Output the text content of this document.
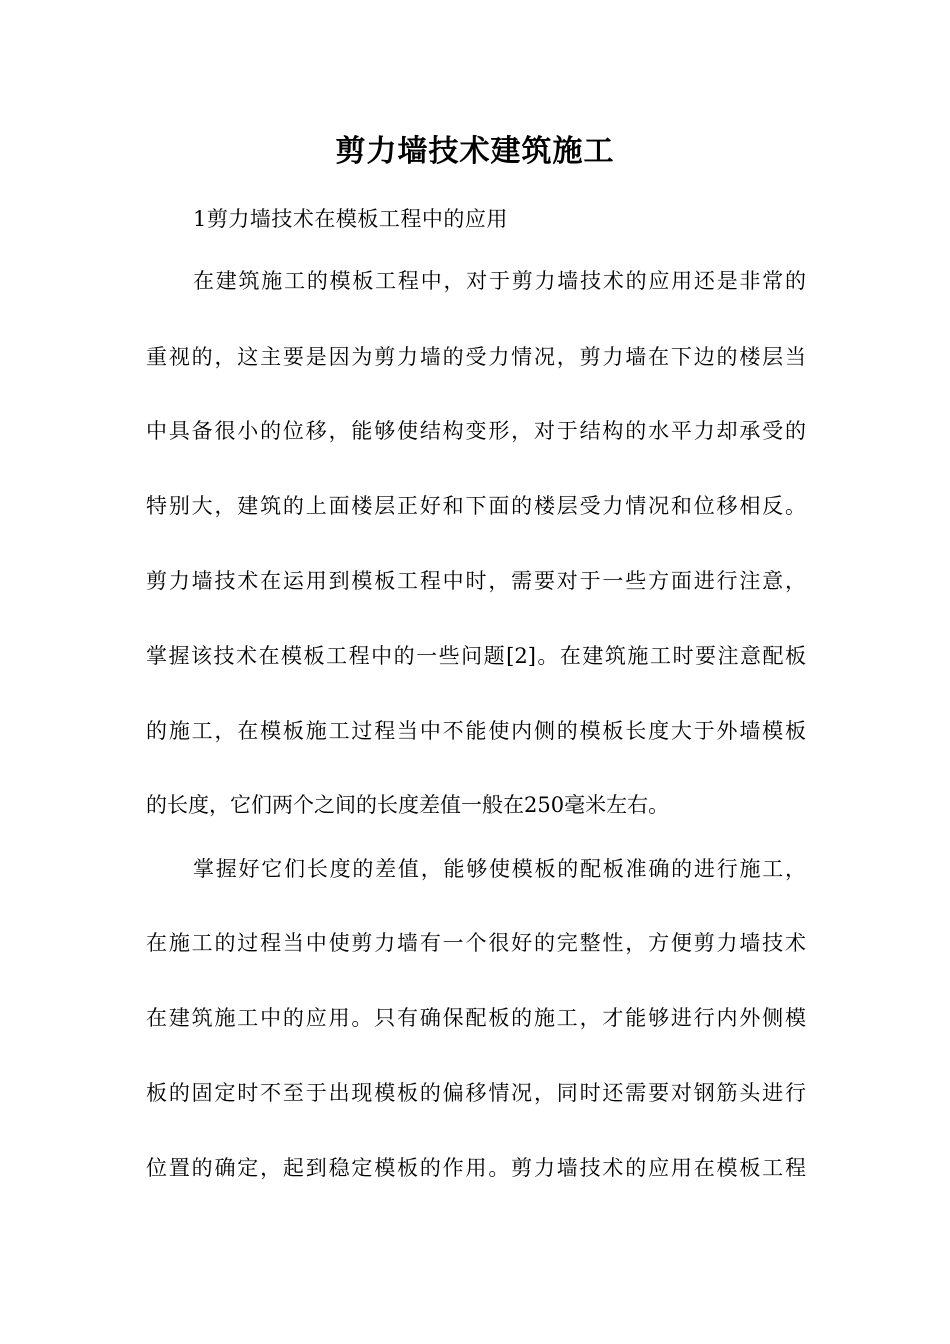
剪力墙技术建筑施工
1剪力墙技术在模板工程中的应用
在建筑施工的模板工程中，对于剪力墙技术的应用还是非常的
重视的，这主要是因为剪力墙的受力情况，剪力墙在下边的楼层当
中具备很小的位移，能够使结构变形，对于结构的水平力却承受的
特别大，建筑的上面楼层正好和下面的楼层受力情况和位移相反。
剪力墙技术在运用到模板工程中时，需要对于一些方面进行注意，
掌握该技术在模板工程中的一些问题[2]。在建筑施工时要注意配板
的施工，在模板施工过程当中不能使内侧的模板长度大于外墙模板
的长度，它们两个之间的长度差值一般在250毫米左右。
掌握好它们长度的差值，能够使模板的配板准确的进行施工，
在施工的过程当中使剪力墙有一个很好的完整性，方便剪力墙技术
在建筑施工中的应用。只有确保配板的施工，才能够进行内外侧模
板的固定时不至于出现模板的偏移情况，同时还需要对钢筋头进行
位置的确定，起到稳定模板的作用。剪力墙技术的应用在模板工程
